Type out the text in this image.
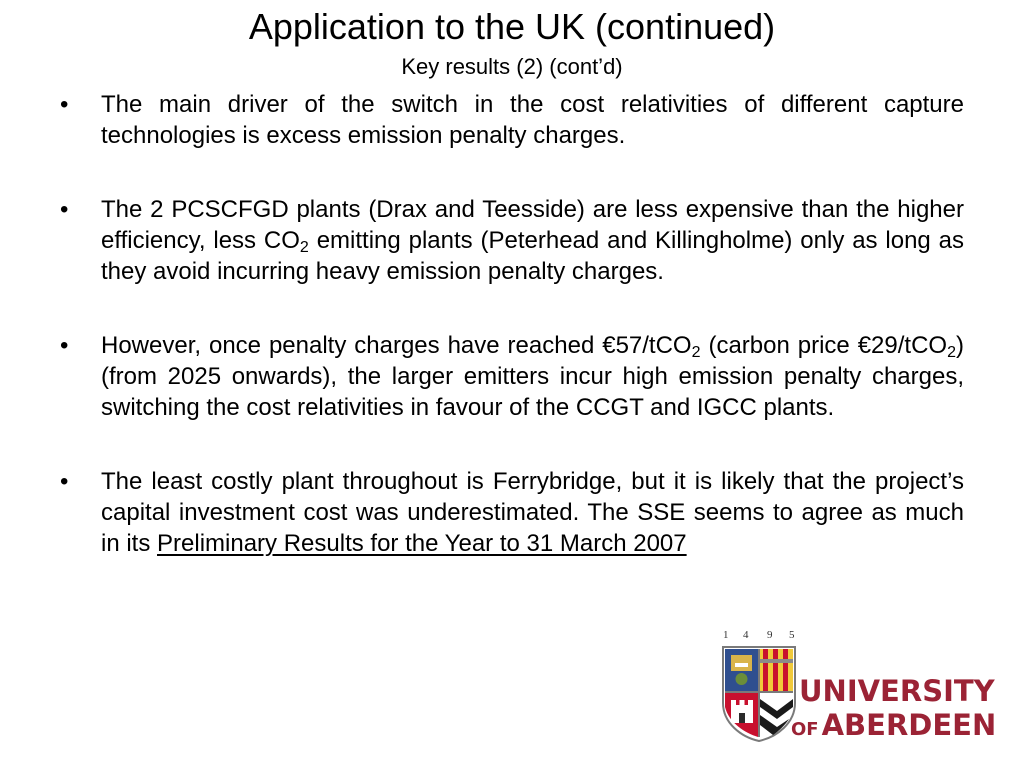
Application to the UK (continued)
Key results (2) (cont’d)
• The main driver of the switch in the cost relativities of different capture technologies is excess emission penalty charges.
• The 2 PCSCFGD plants (Drax and Teesside) are less expensive than the higher efficiency, less $CO_2$ emitting plants (Peterhead and Killingholme) only as long as they avoid incurring heavy emission penalty charges.
• However, once penalty charges have reached €57/tCO$_2$ (carbon price €29/tCO$_2$) (from 2025 onwards), the larger emitters incur high emission penalty charges, switching the cost relativities in favour of the CCGT and IGCC plants.
• The least costly plant throughout is Ferrybridge, but it is likely that the project’s capital investment cost was underestimated. The SSE seems to agree as much in its Preliminary Results for the Year to 31 March 2007
1 4 9 5
UNIVERSITY
OF ABERDEEN
